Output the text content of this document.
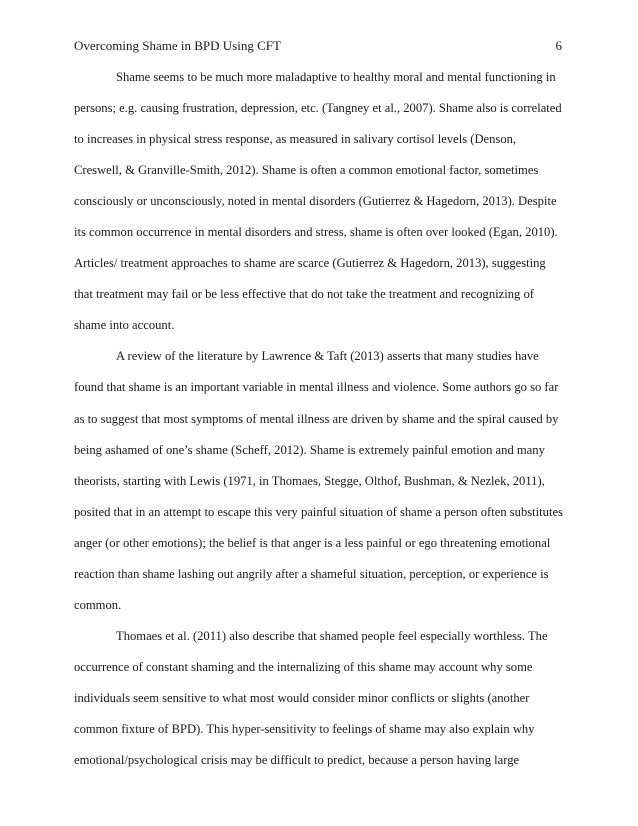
Overcoming Shame in BPD Using CFT	6
Shame seems to be much more maladaptive to healthy moral and mental functioning in
persons; e.g. causing frustration, depression, etc. (Tangney et al., 2007). Shame also is correlated
to increases in physical stress response, as measured in salivary cortisol levels (Denson,
Creswell, & Granville-Smith, 2012). Shame is often a common emotional factor, sometimes
consciously or unconsciously, noted in mental disorders (Gutierrez & Hagedorn, 2013). Despite
its common occurrence in mental disorders and stress, shame is often over looked (Egan, 2010).
Articles/ treatment approaches to shame are scarce (Gutierrez & Hagedorn, 2013), suggesting
that treatment may fail or be less effective that do not take the treatment and recognizing of
shame into account.
A review of the literature by Lawrence & Taft (2013) asserts that many studies have
found that shame is an important variable in mental illness and violence. Some authors go so far
as to suggest that most symptoms of mental illness are driven by shame and the spiral caused by
being ashamed of one’s shame (Scheff, 2012). Shame is extremely painful emotion and many
theorists, starting with Lewis (1971, in Thomaes, Stegge, Olthof, Bushman, & Nezlek, 2011),
posited that in an attempt to escape this very painful situation of shame a person often substitutes
anger (or other emotions); the belief is that anger is a less painful or ego threatening emotional
reaction than shame lashing out angrily after a shameful situation, perception, or experience is
common.
Thomaes et al. (2011) also describe that shamed people feel especially worthless. The
occurrence of constant shaming and the internalizing of this shame may account why some
individuals seem sensitive to what most would consider minor conflicts or slights (another
common fixture of BPD). This hyper-sensitivity to feelings of shame may also explain why
emotional/psychological crisis may be difficult to predict, because a person having large
